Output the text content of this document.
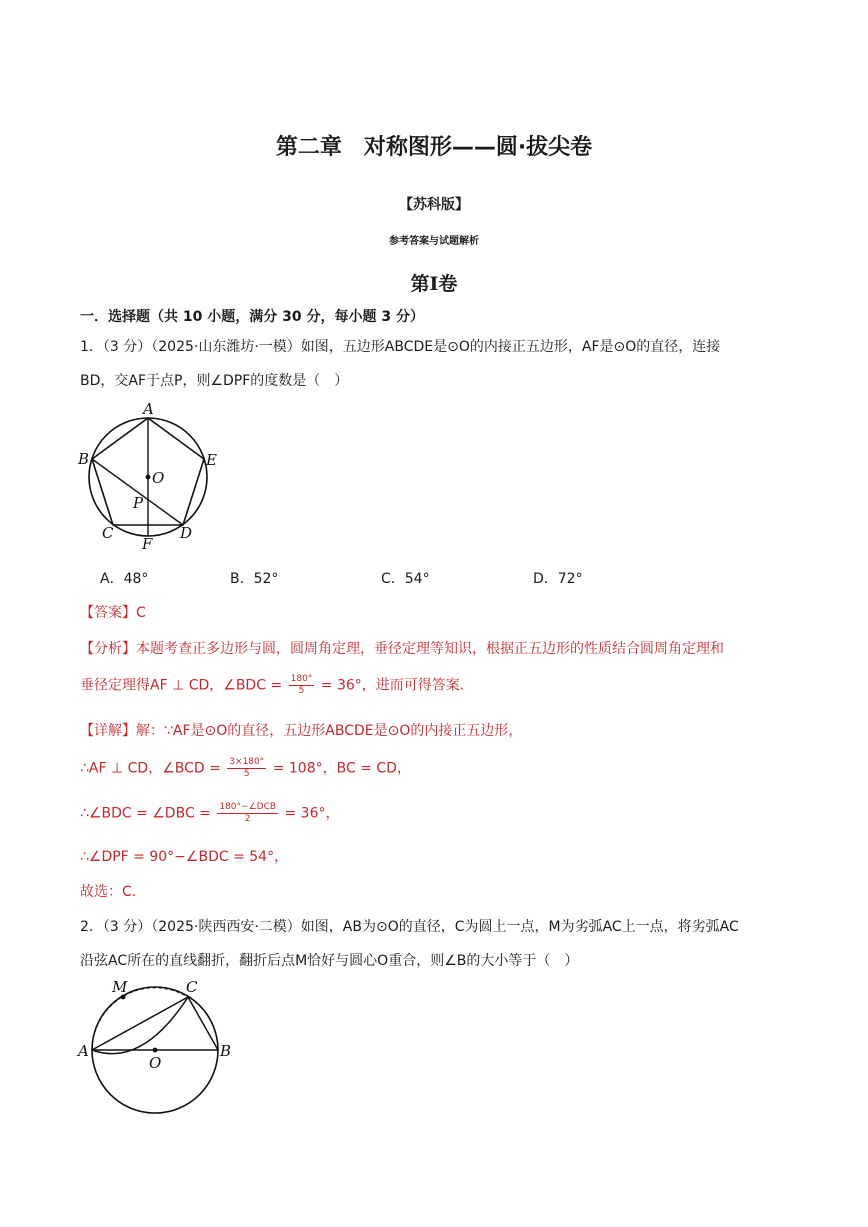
第二章　对称图形——圆·拔尖卷
【苏科版】
参考答案与试题解析
第Ⅰ卷
一．选择题（共 10 小题，满分 30 分，每小题 3 分）
1．（3 分）（2025·山东潍坊·一模）如图，五边形ABCDE是⊙O的内接正五边形，AF是⊙O的直径，连接
BD，交AF于点P，则∠DPF的度数是（　）
A
B	E
O
P
C	D
F
A．48°	B．52°	C．54°	D．72°
【答案】C
【分析】本题考查正多边形与圆，圆周角定理，垂径定理等知识，根据正五边形的性质结合圆周角定理和
垂径定理得AF ⊥ CD，∠BDC = $\frac{180^\circ}{5} = 36^\circ$，进而可得答案.
【详解】解：∵AF是⊙O的直径，五边形ABCDE是⊙O的内接正五边形，
∴AF ⊥ CD，∠BCD = $\frac{3\times 180^\circ}{5} = 108^\circ$，BC = CD，
∴∠BDC = ∠DBC = $\frac{\text{180°−∠DCB}}{2} = 36^\circ$，
∴∠DPF = 90°−∠BDC = 54°，
故选：C.
2．（3 分）（2025·陕西西安·二模）如图，AB为⊙O的直径，C为圆上一点，M为劣弧AC上一点，将劣弧AC
沿弦AC所在的直线翻折，翻折后点M恰好与圆心O重合，则∠B的大小等于（　）
M	C
A	B
O
